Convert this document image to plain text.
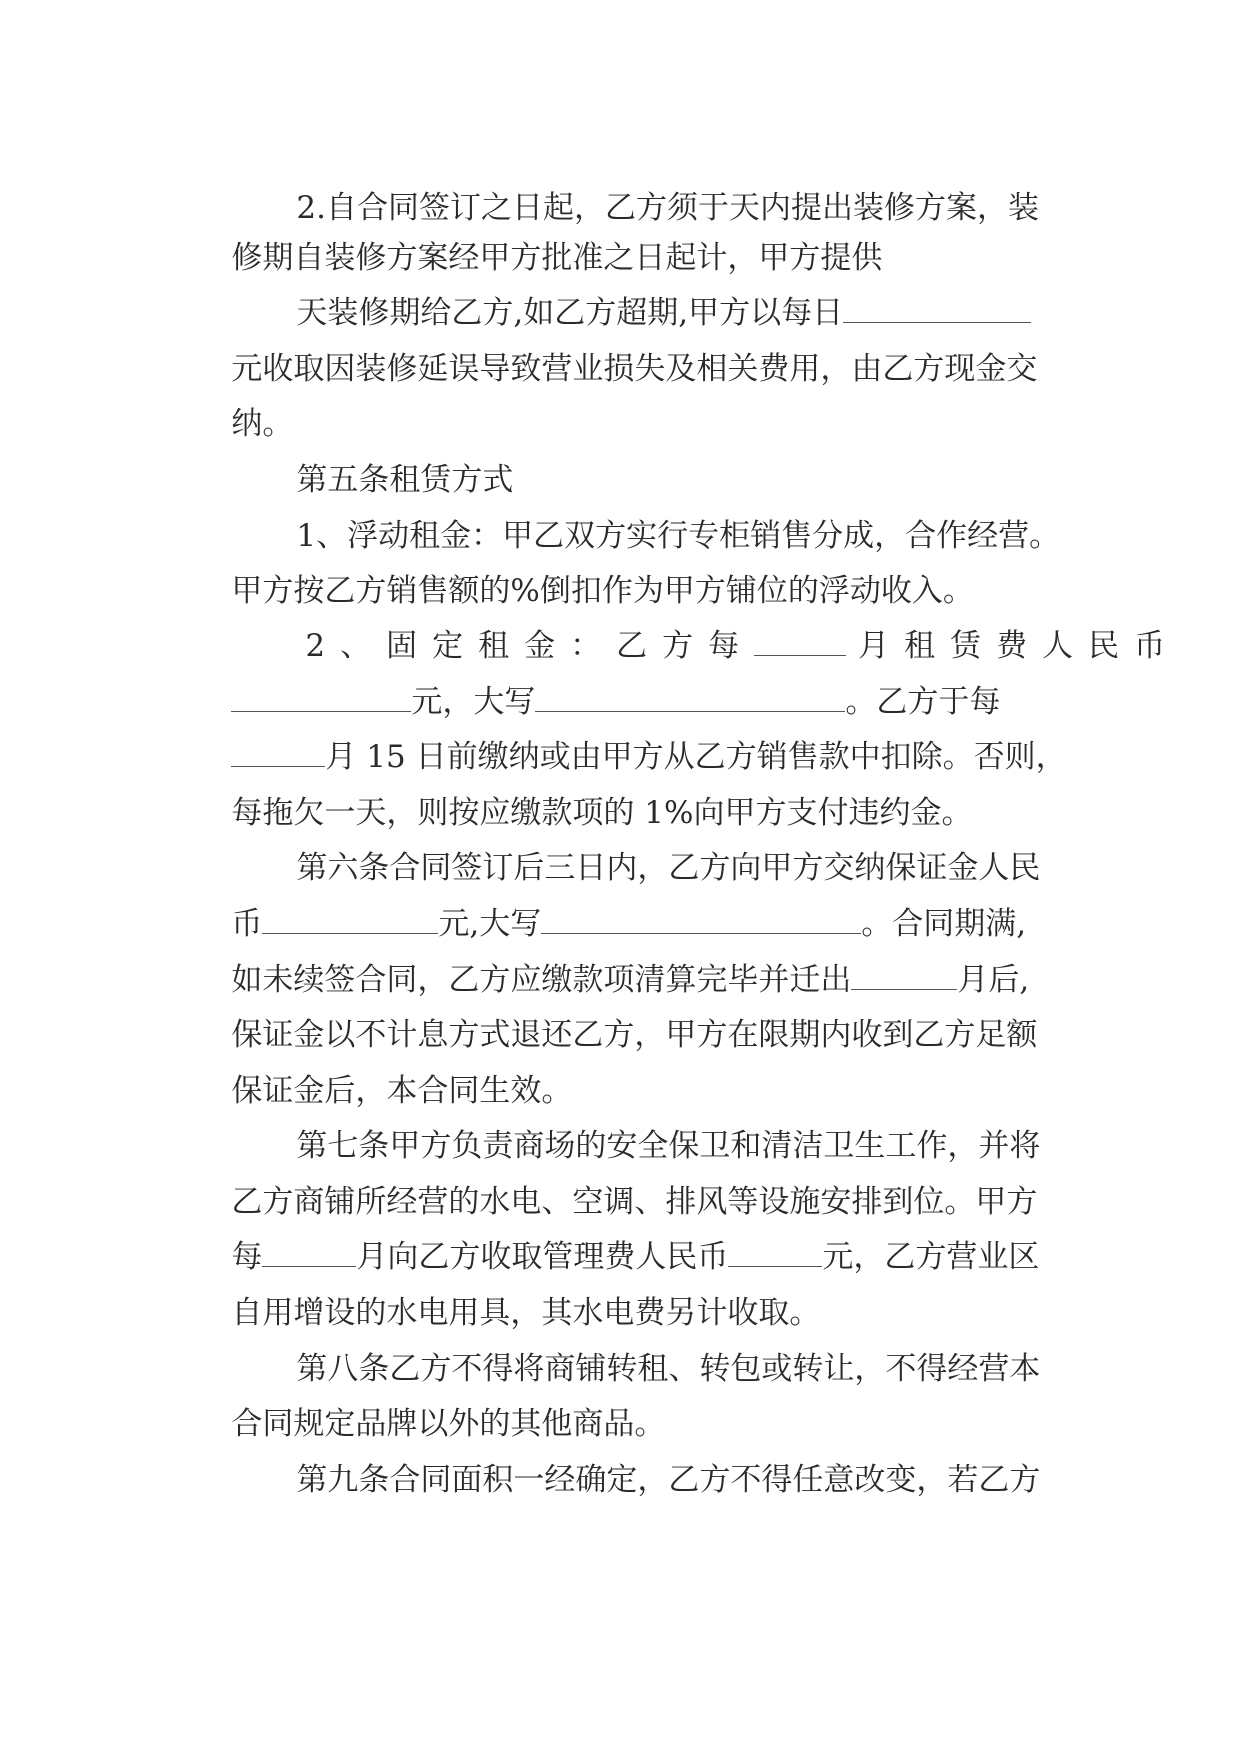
2.自合同签订之日起，乙方须于天内提出装修方案，装

修期自装修方案经甲方批准之日起计，甲方提供

天装修期给乙方,如乙方超期,甲方以每日

元收取因装修延误导致营业损失及相关费用，由乙方现金交

纳。

第五条租赁方式

1、浮动租金：甲乙双方实行专柜销售分成，合作经营。

甲方按乙方销售额的%倒扣作为甲方铺位的浮动收入。

2、固定租金：乙方每	月租赁费人民币

元，大写	。乙方于每

月 15 日前缴纳或由甲方从乙方销售款中扣除。否则，

每拖欠一天，则按应缴款项的 1%向甲方支付违约金。

第六条合同签订后三日内，乙方向甲方交纳保证金人民

币	元,大写	。合同期满,

如未续签合同，乙方应缴款项清算完毕并迁出	月后,

保证金以不计息方式退还乙方，甲方在限期内收到乙方足额

保证金后，本合同生效。

第七条甲方负责商场的安全保卫和清洁卫生工作，并将

乙方商铺所经营的水电、空调、排风等设施安排到位。甲方

每	月向乙方收取管理费人民币	元，乙方营业区

自用增设的水电用具，其水电费另计收取。

第八条乙方不得将商铺转租、转包或转让，不得经营本

合同规定品牌以外的其他商品。

第九条合同面积一经确定，乙方不得任意改变，若乙方
